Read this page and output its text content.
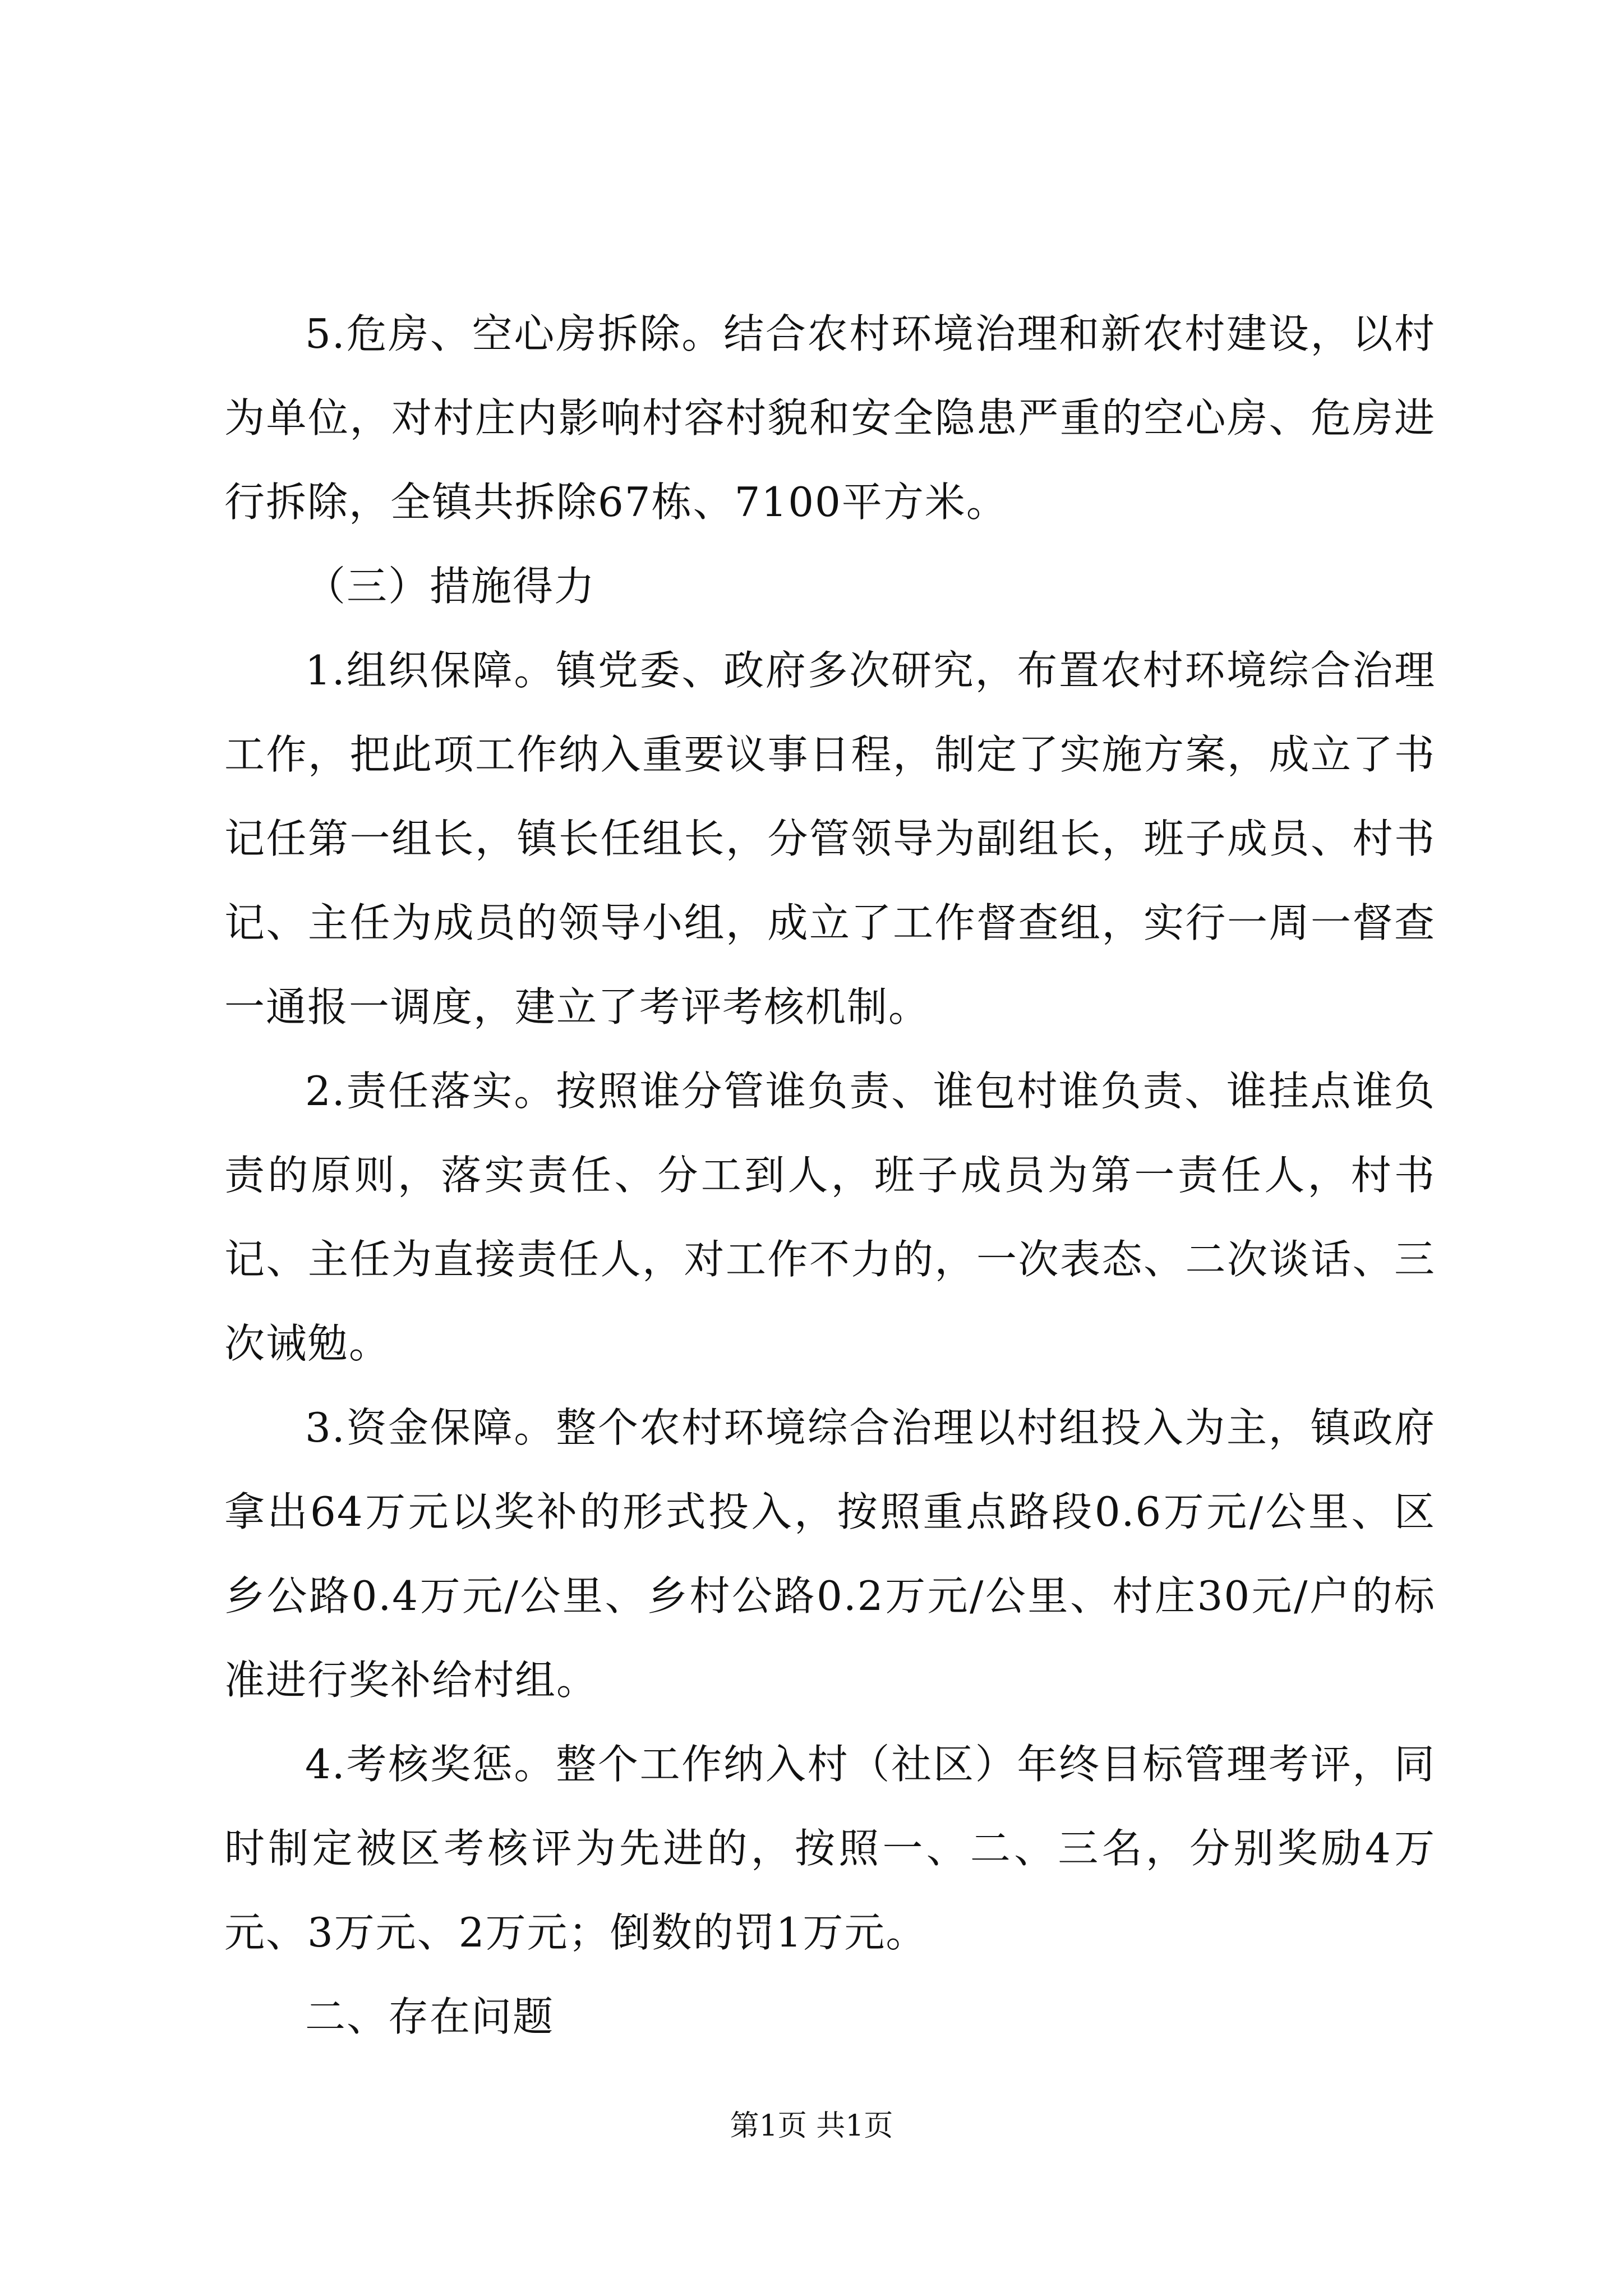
5.危房、空心房拆除。结合农村环境治理和新农村建设，以村为单位，对村庄内影响村容村貌和安全隐患严重的空心房、危房进行拆除，全镇共拆除67栋、7100平方米。

（三）措施得力

1.组织保障。镇党委、政府多次研究，布置农村环境综合治理工作，把此项工作纳入重要议事日程，制定了实施方案，成立了书记任第一组长，镇长任组长，分管领导为副组长，班子成员、村书记、主任为成员的领导小组，成立了工作督查组，实行一周一督查一通报一调度，建立了考评考核机制。

2.责任落实。按照谁分管谁负责、谁包村谁负责、谁挂点谁负责的原则，落实责任、分工到人，班子成员为第一责任人，村书记、主任为直接责任人，对工作不力的，一次表态、二次谈话、三次诫勉。

3.资金保障。整个农村环境综合治理以村组投入为主，镇政府拿出64万元以奖补的形式投入，按照重点路段0.6万元/公里、区乡公路0.4万元/公里、乡村公路0.2万元/公里、村庄30元/户的标准进行奖补给村组。

4.考核奖惩。整个工作纳入村（社区）年终目标管理考评，同时制定被区考核评为先进的，按照一、二、三名，分别奖励4万元、3万元、2万元；倒数的罚1万元。

二、存在问题

第1页 共1页
